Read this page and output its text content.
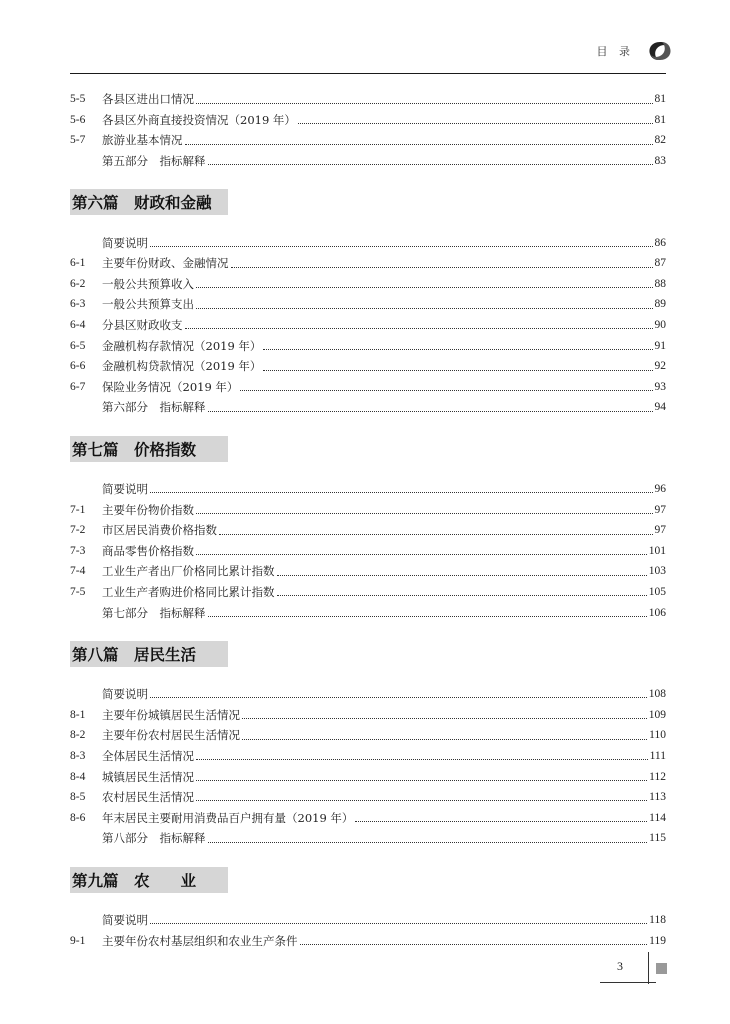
目 录
5-5	各县区进出口情况	81
5-6	各县区外商直接投资情况（2019 年）	81
5-7	旅游业基本情况	82
第五部分　指标解释	83
第六篇　财政和金融
简要说明	86
6-1	主要年份财政、金融情况	87
6-2	一般公共预算收入	88
6-3	一般公共预算支出	89
6-4	分县区财政收支	90
6-5	金融机构存款情况（2019 年）	91
6-6	金融机构贷款情况（2019 年）	92
6-7	保险业务情况（2019 年）	93
第六部分　指标解释	94
第七篇　价格指数
简要说明	96
7-1	主要年份物价指数	97
7-2	市区居民消费价格指数	97
7-3	商品零售价格指数	101
7-4	工业生产者出厂价格同比累计指数	103
7-5	工业生产者购进价格同比累计指数	105
第七部分　指标解释	106
第八篇　居民生活
简要说明	108
8-1	主要年份城镇居民生活情况	109
8-2	主要年份农村居民生活情况	110
8-3	全体居民生活情况	111
8-4	城镇居民生活情况	112
8-5	农村居民生活情况	113
8-6	年末居民主要耐用消费品百户拥有量（2019 年）	114
第八部分　指标解释	115
第九篇　农　　业
简要说明	118
9-1	主要年份农村基层组织和农业生产条件	119
3
